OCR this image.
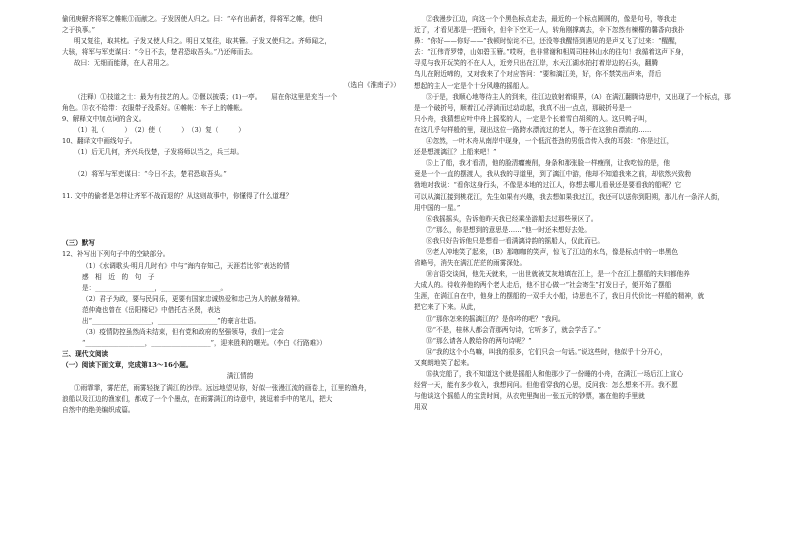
偷闭庚解齐将军之帷帐①而献之。子发因使人归之。曰：“卒有出薪者，得将军之帷，使归
之于执事。”
明又复往，取其枕。子发又使人归之。明日又复往，取其簪。子发又使归之。齐师闻之，
大骇，将军与军吏谋曰：“今日不去，楚君恐取吾头。”乃还师而去。
故曰：无细而能薄，在人君用之。
（选自《淮南子》）
（注释）①技道之士：最为有技艺的人。②偃以披裘；(1)一亭。　　屈在你这里是充当一个
角色。③衣不给带：衣服带子没系好。④帷帐：车子上的帷帐。
9、解释文中加点词的含义。
（1）礼（　　　）　（2）使（　　　）　（3）复（　　　）
10、翻译文中画线句子。
（1）后无几何，齐兴兵伐楚，子发将师以当之，兵三却。
（2）将军与军吏谋曰：“今日不去，楚君恐取吾头。”
11. 文中的偷者是怎样让齐军不战而退的？从这则故事中，你懂得了什么道理？
（三）默写
12、补写出下列句子中的空缺部分。
（1）《水调歌头·明月几时有》中与“海内存知己，天涯若比邻”表达的情
感　相　近　的　句　子
是：__________________，__________________。
（2）君子为政，要与民同乐，更要有国家忠诚热爱和忠己为人的献身精神。
范仲淹也曾在《岳阳楼记》中借托古圣贤，表达
出“__________________，__________________”的豪言壮语。
（3）疫情防控虽然尚未结束，但有党和政府的坚强领导，我们一定会
“__________________，__________________”，迎来胜利的曙光。（李白《行路难》）
三、现代文阅读
（一）阅读下面文章，完成第13～16小题。
满江情韵
①雨霏霏，雾茫茫，雨雾轻拢了满江的沙岸。远远地望见你，好似一张漫江流的画卷上，江里的渔舟，
浪船以及江边的渔家们，都成了一个个墨点，在雨雾满江的诗意中，挑逗着手中的笔儿，把大
自然中的绝美编织成篇。
②我漫步江边，向这一个个黑色标点走去，最近的一个标点圆圆的，像是句号，等我走
近了，才看见那是一把雨伞，但伞下空无一人，转角刚撑离去，伞下忽然有楝檬的馨香向我扑
鼻：“你好——你好——”我顿时惊诧不已，还没等我醒悟到遇见的是声又飞了过来：“醒醒，
去：“江伟青罗带，山如碧玉簪。”哎呀，也非常谢和相周司桂林山水的往句！我循着这声下身，
寻觅与我开玩笑的不在人人，近旁只出在江岸，水天江湖水拍打着岸边的石头，翻腾
鸟儿在附近啼的，又对我来了个对应答问：“要和漓江美，好，你不禁笑出声来，背后
想起的主人一定是个十分风趣的摇船人。
③于是，我顺心地等待主人的到来，往江边放射着眼界，（A）在满江翻腾诗思中，又出现了一个标点，那
是一个破折号，顺着江心浮淌而过动动起，我真不出一点点，那破折号是一
只小舟，我猜想应叶中舟上摇桨的人，一定是个长着雪白胡须的人。这只鸭子叫，
在这几乎句样般的里，现出这位一路跨水漂流过的老人，等于在这独自漂流的……
④忽然，一叶木舟从南岸中现身，一个低沉苍劲的男低音传入我的耳鼓：“你是过江，
还是想渡漓江？上船来吧！”
⑤上了船，我才看清，他的脸清癯瘦削，身条和那张脸一样瘦削，让我吃惊的是，他
竟是一个一直的摆渡人，我从我的寻道里，到了漓江中游，他却不知道我来之前，却依然兴致勃
勃地对我说：“看你这身行头，不像是本地的过江人，你想去哪儿看景还是要看我的船呢？它
可以从漓江接到桃花江，先生如果有兴趣，我去想如果我过江，我还可以送你到阳朔，那儿有一条洋人街，
用中国的一星。”
⑥我摇摇头，告诉他昨天我已经乘坐游船去过那些景区了。
⑦“那么，你是想到的意思是……”他一时还未想好去处。
⑧我只好告诉他只是想看一看满漓诗韵的摇船人，仅此而已。
⑨老人冲地笑了起来，（B）那咖咖的笑声，惊飞了江边的水鸟，像是标点中的一串黑色
省略号，消失在满江茫茫的雨雾深处。
⑩言语交谈间，他先天就来，一出世就被艾灰地填在江上，是一个在江上摆船的夫妇都他养
大成人的。待收养他的两个老人走后，他不甘心做一“社会寄生”打发日子，便开始了摆船
生涯，在满江自在中，他身上的摆船的一双手大小船，诗思也不了，我日月代价比一样船的精神，就
把它来了下来。从此，
⑪“那你怎来的摇漓江的？是你吟的吧？”我问。
⑫“不是，桂林人都会背那两句诗，它听多了，就会学舌了。”
⑬“那么请各人教给你的两句诗呢？”
⑭“我的这个小鸟嘛，叫我的很多，它们只会一句话。”说这些时，他似乎十分开心，
又爽朗地笑了起来。
⑮执完船了，我不知道这个就是摇船人和他那少了一份睡的小舟，在满江一场后江上宣心
经营一天，能有多少收入，我想问问。但他看穿我的心思，反问我：怎么想来不开。我不愿
与他谈这个摇船人的宝贵时间，从衣兜里掏出一张五元的钞票，塞在他的手里就
用双
